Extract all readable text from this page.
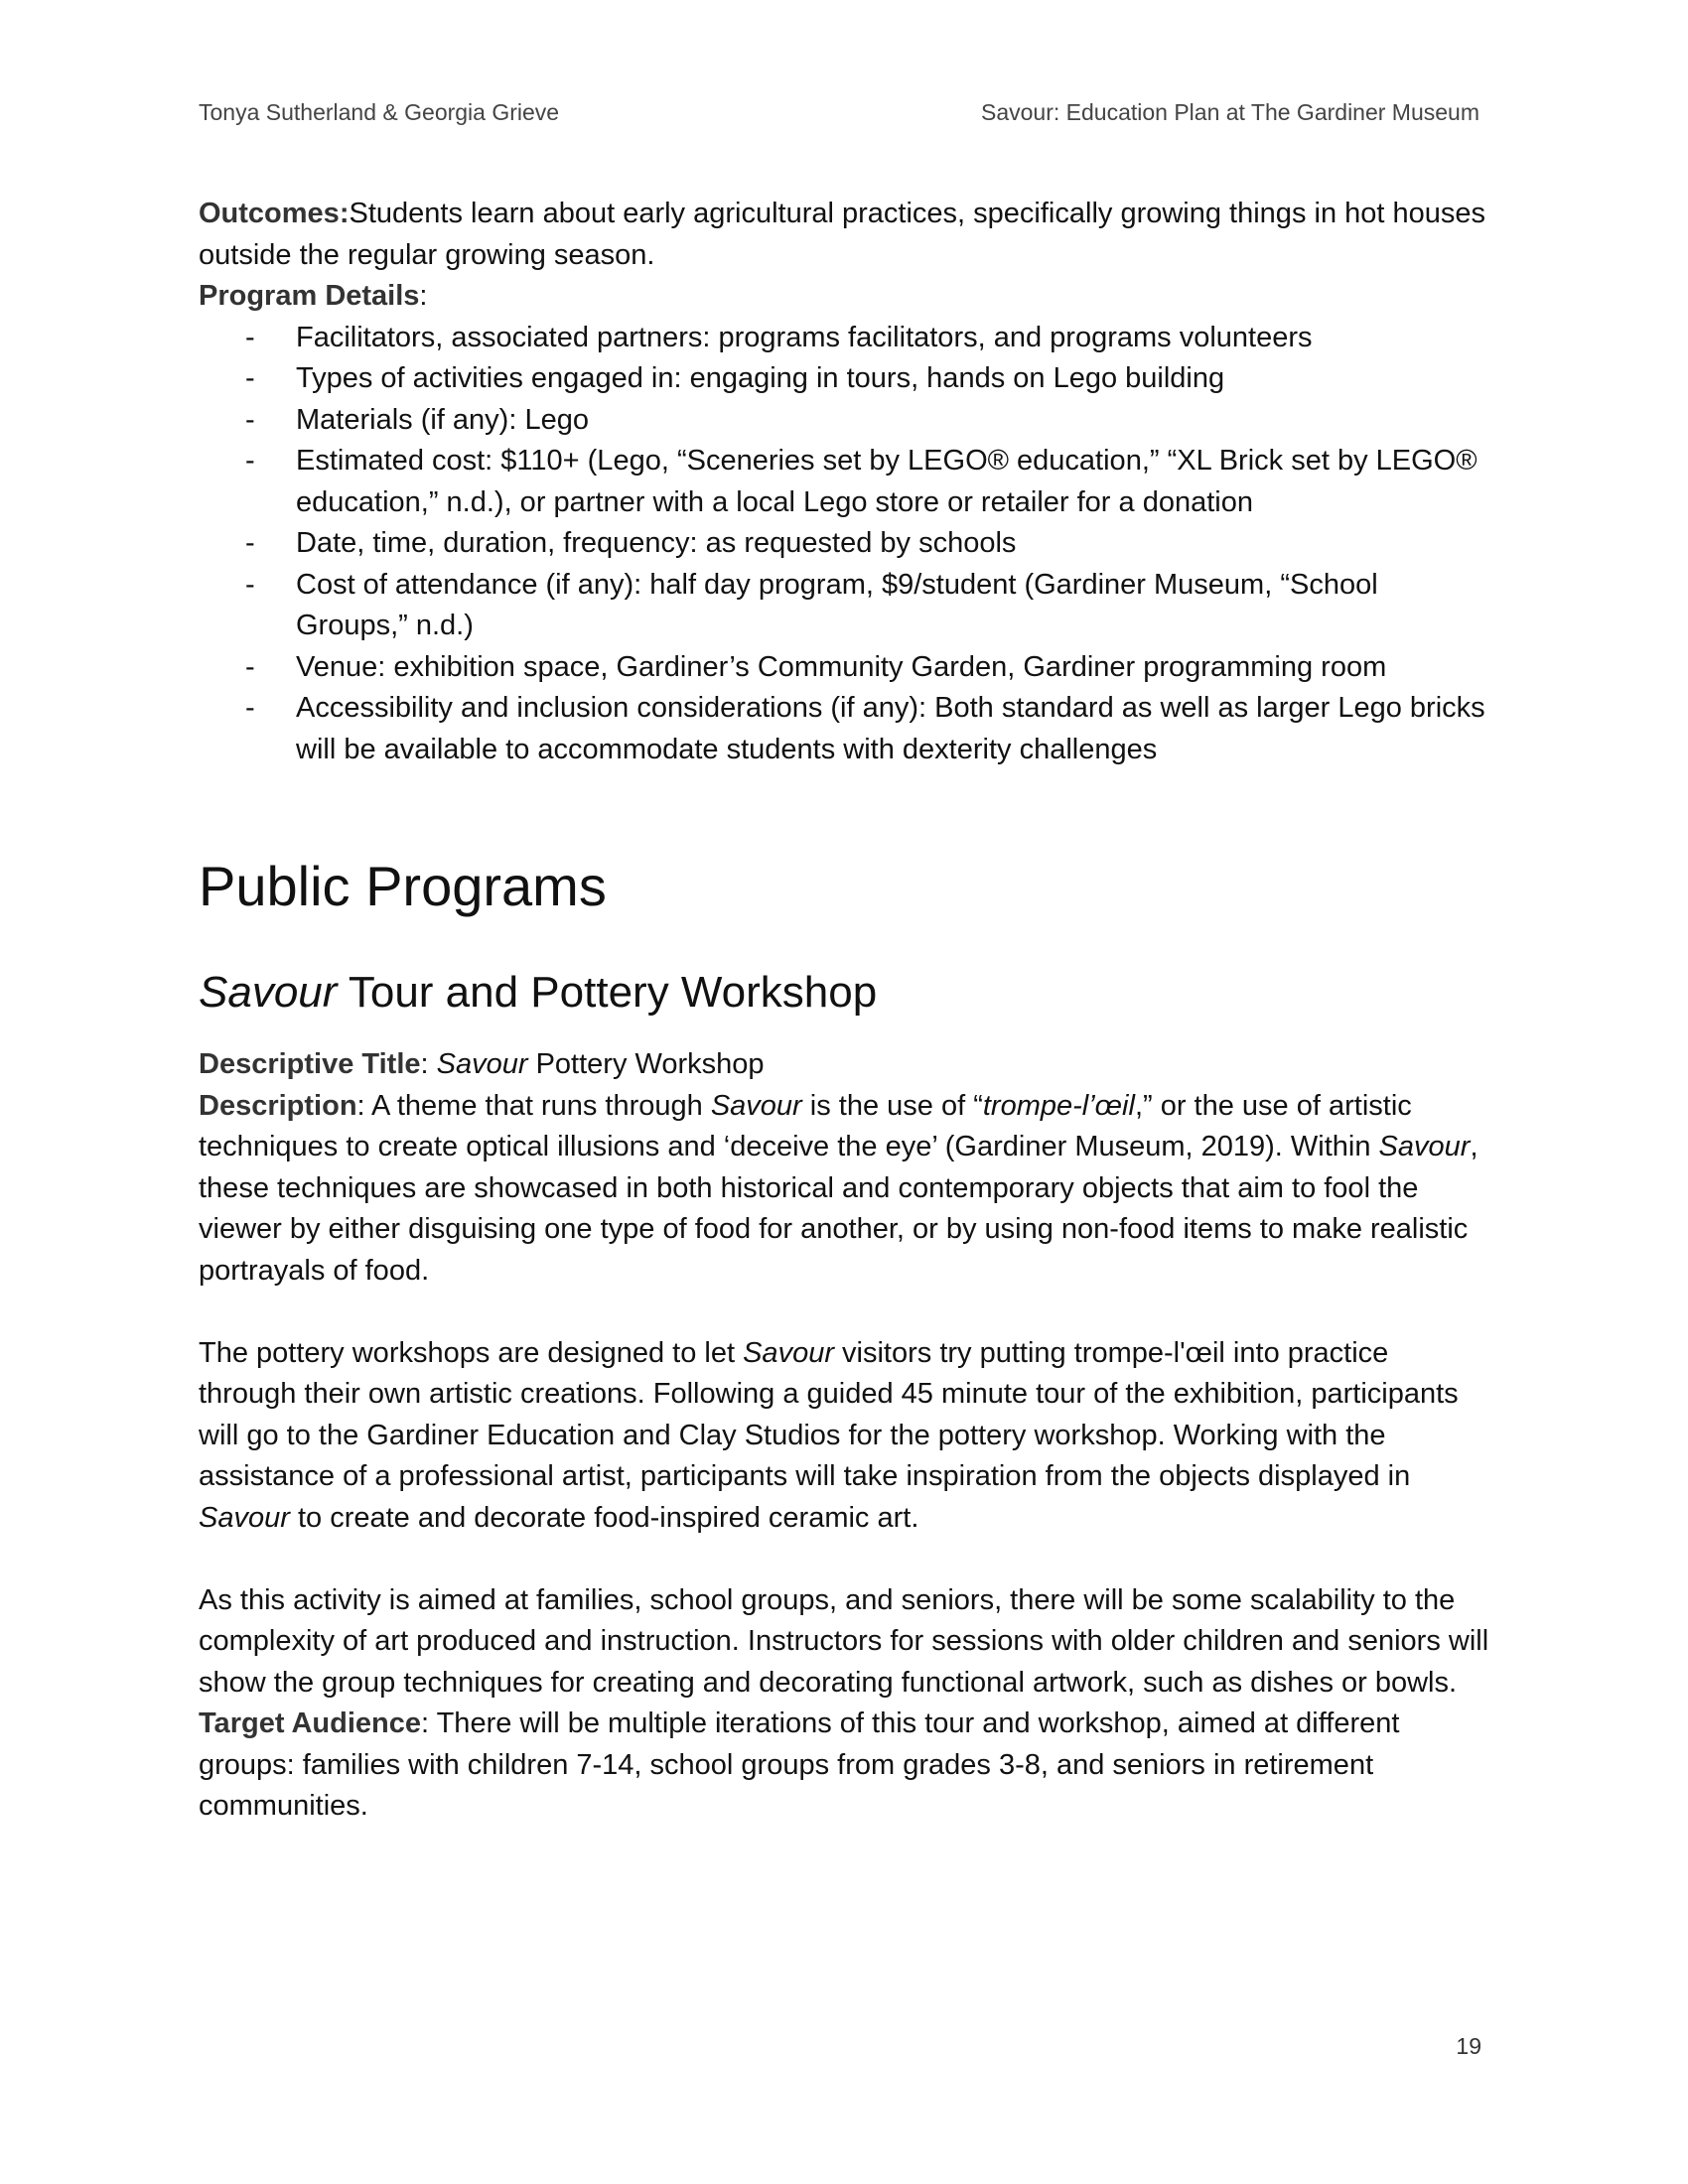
Tonya Sutherland & Georgia Grieve	Savour: Education Plan at The Gardiner Museum

Outcomes:Students learn about early agricultural practices, specifically growing things in hot houses outside the regular growing season.

Program Details:

- Facilitators, associated partners: programs facilitators, and programs volunteers
- Types of activities engaged in: engaging in tours, hands on Lego building
- Materials (if any): Lego
- Estimated cost: $110+ (Lego, “Sceneries set by LEGO® education,” “XL Brick set by LEGO® education,” n.d.), or partner with a local Lego store or retailer for a donation
- Date, time, duration, frequency: as requested by schools
- Cost of attendance (if any): half day program, $9/student (Gardiner Museum, “School Groups,” n.d.)
- Venue: exhibition space, Gardiner’s Community Garden, Gardiner programming room
- Accessibility and inclusion considerations (if any): Both standard as well as larger Lego bricks will be available to accommodate students with dexterity challenges
Public Programs
Savour Tour and Pottery Workshop

Descriptive Title: Savour Pottery Workshop

Description: A theme that runs through Savour is the use of “trompe-l’œil,” or the use of artistic techniques to create optical illusions and ‘deceive the eye’ (Gardiner Museum, 2019). Within Savour, these techniques are showcased in both historical and contemporary objects that aim to fool the viewer by either disguising one type of food for another, or by using non-food items to make realistic portrayals of food.

The pottery workshops are designed to let Savour visitors try putting trompe-l'œil into practice through their own artistic creations. Following a guided 45 minute tour of the exhibition, participants will go to the Gardiner Education and Clay Studios for the pottery workshop. Working with the assistance of a professional artist, participants will take inspiration from the objects displayed in Savour to create and decorate food-inspired ceramic art.

As this activity is aimed at families, school groups, and seniors, there will be some scalability to the complexity of art produced and instruction. Instructors for sessions with older children and seniors will show the group techniques for creating and decorating functional artwork, such as dishes or bowls.

Target Audience: There will be multiple iterations of this tour and workshop, aimed at different groups: families with children 7-14, school groups from grades 3-8, and seniors in retirement communities.

19
